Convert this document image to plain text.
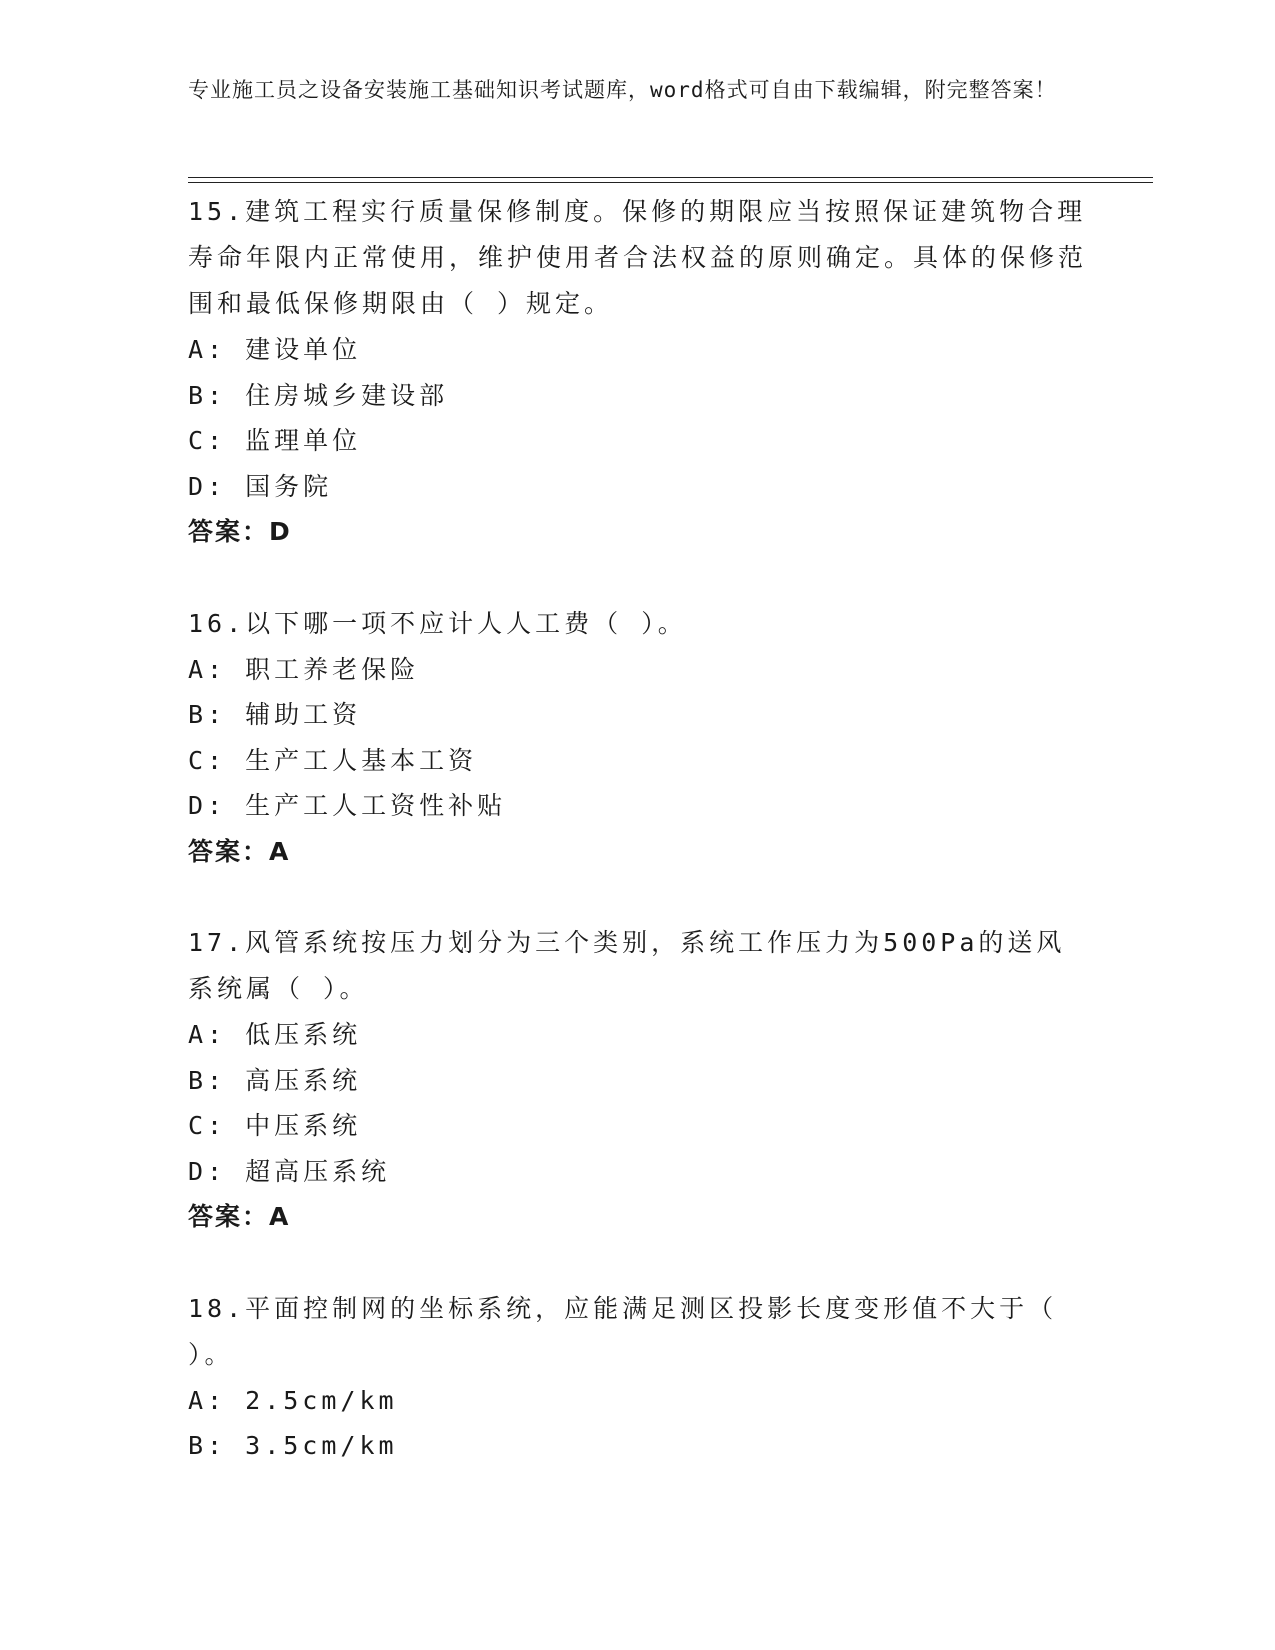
专业施工员之设备安装施工基础知识考试题库，word格式可自由下载编辑，附完整答案！

15.建筑工程实行质量保修制度。保修的期限应当按照保证建筑物合理寿命年限内正常使用，维护使用者合法权益的原则确定。具体的保修范围和最低保修期限由（ ）规定。

A: 建设单位

B: 住房城乡建设部

C: 监理单位

D: 国务院

答案：D

16.以下哪一项不应计人人工费（ ）。

A: 职工养老保险

B: 辅助工资

C: 生产工人基本工资

D: 生产工人工资性补贴

答案：A

17.风管系统按压力划分为三个类别，系统工作压力为500Pa的送风系统属（ ）。

A: 低压系统

B: 高压系统

C: 中压系统

D: 超高压系统

答案：A

18.平面控制网的坐标系统，应能满足测区投影长度变形值不大于（ ）。

A: 2.5cm/km

B: 3.5cm/km
